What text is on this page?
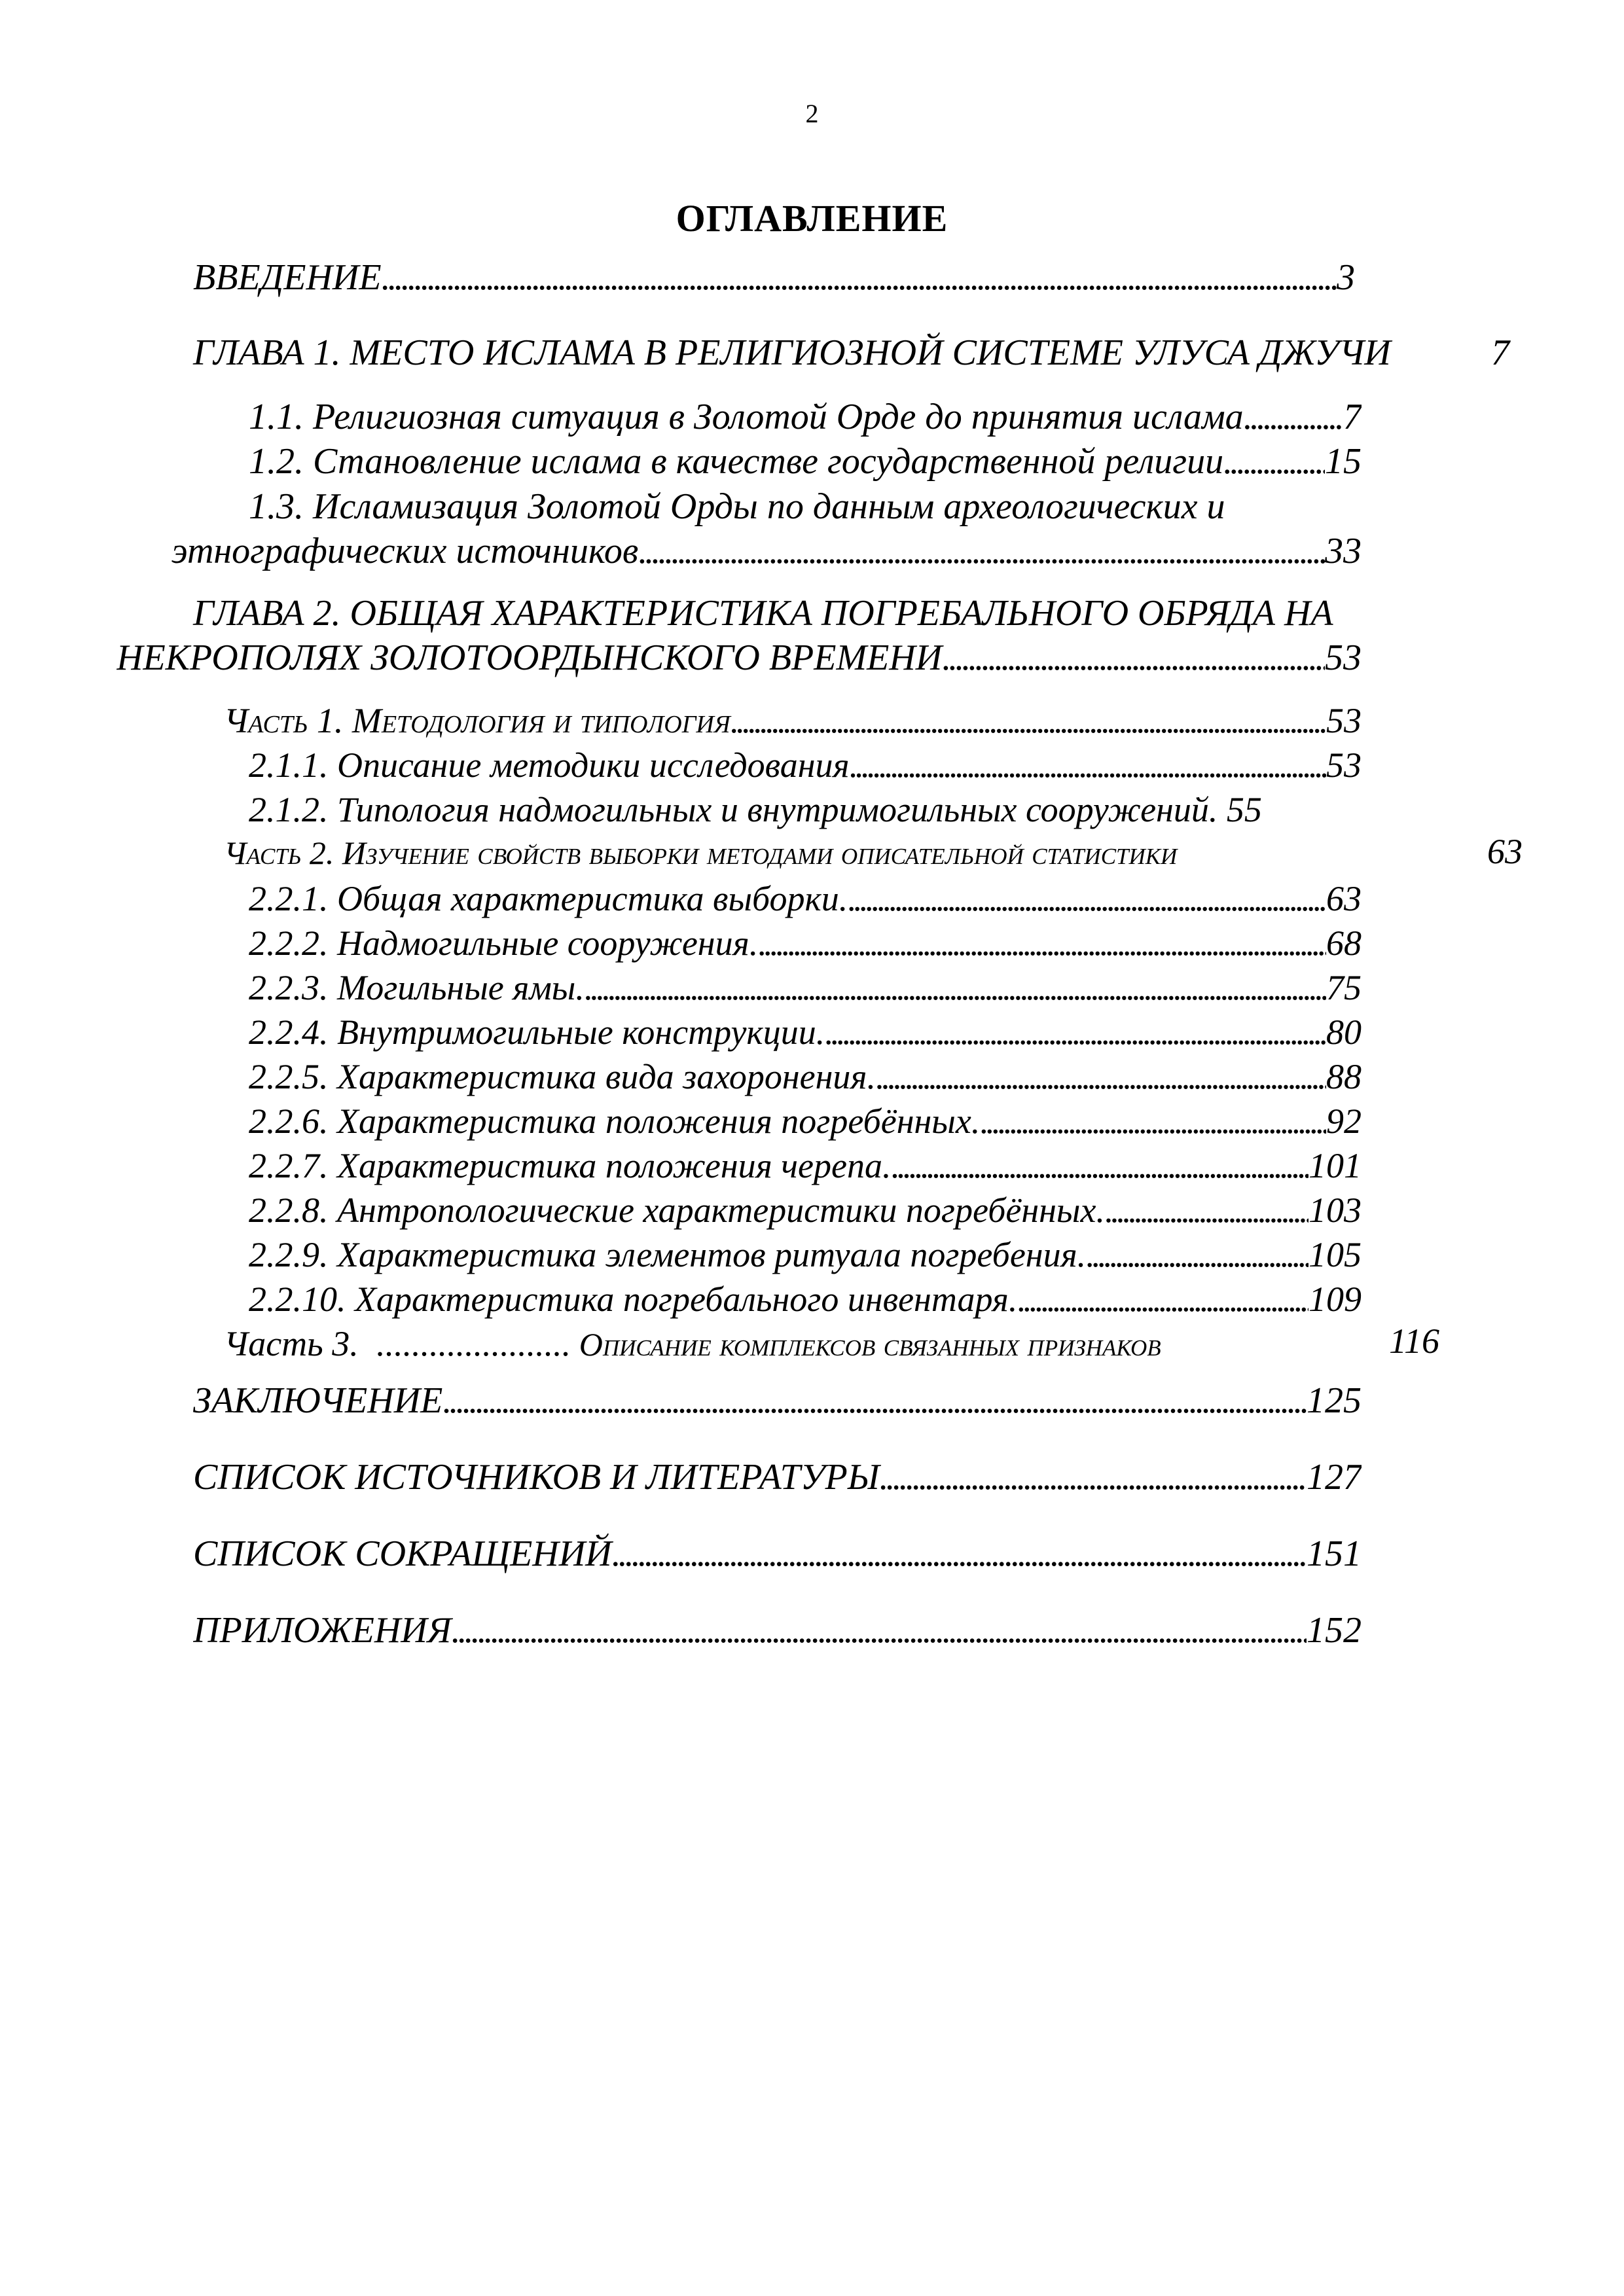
2
ОГЛАВЛЕНИЕ
ВВЕДЕНИЕ . . .	3
ГЛАВА 1. МЕСТО ИСЛАМА В РЕЛИГИОЗНОЙ СИСТЕМЕ УЛУСА ДЖУЧИ	7
1.1. Религиозная ситуация в Золотой Орде до принятия ислама . . .	7
1.2. Становление ислама в качестве государственной религии . . .	15
1.3. Исламизация Золотой Орды по данным археологических и
этнографических источников . . .	33
ГЛАВА 2. ОБЩАЯ ХАРАКТЕРИСТИКА ПОГРЕБАЛЬНОГО ОБРЯДА НА
НЕКРОПОЛЯХ ЗОЛОТООРДЫНСКОГО ВРЕМЕНИ . . .	53
Часть 1. Методология и типология . . .	53
2.1.1. Описание методики исследования . . .	53
2.1.2. Типология надмогильных и внутримогильных сооружений. 55
Часть 2. Изучение свойств выборки методами описательной статистики	63
2.2.1. Общая характеристика выборки. . . .	63
2.2.2. Надмогильные сооружения. . . .	68
2.2.3. Могильные ямы. . . .	75
2.2.4. Внутримогильные конструкции. . . .	80
2.2.5. Характеристика вида захоронения. . . .	88
2.2.6. Характеристика положения погребённых. . . .	92
2.2.7. Характеристика положения черепа. . . .	101
2.2.8. Антропологические характеристики погребённых. . . .	103
2.2.9. Характеристика элементов ритуала погребения. . . .	105
2.2.10. Характеристика погребального инвентаря. . . .	109
Часть 3. ...................... Описание комплексов связанных признаков	116
ЗАКЛЮЧЕНИЕ . . .	125
СПИСОК ИСТОЧНИКОВ И ЛИТЕРАТУРЫ . . .	127
СПИСОК СОКРАЩЕНИЙ . . .	151
ПРИЛОЖЕНИЯ . . .	152
